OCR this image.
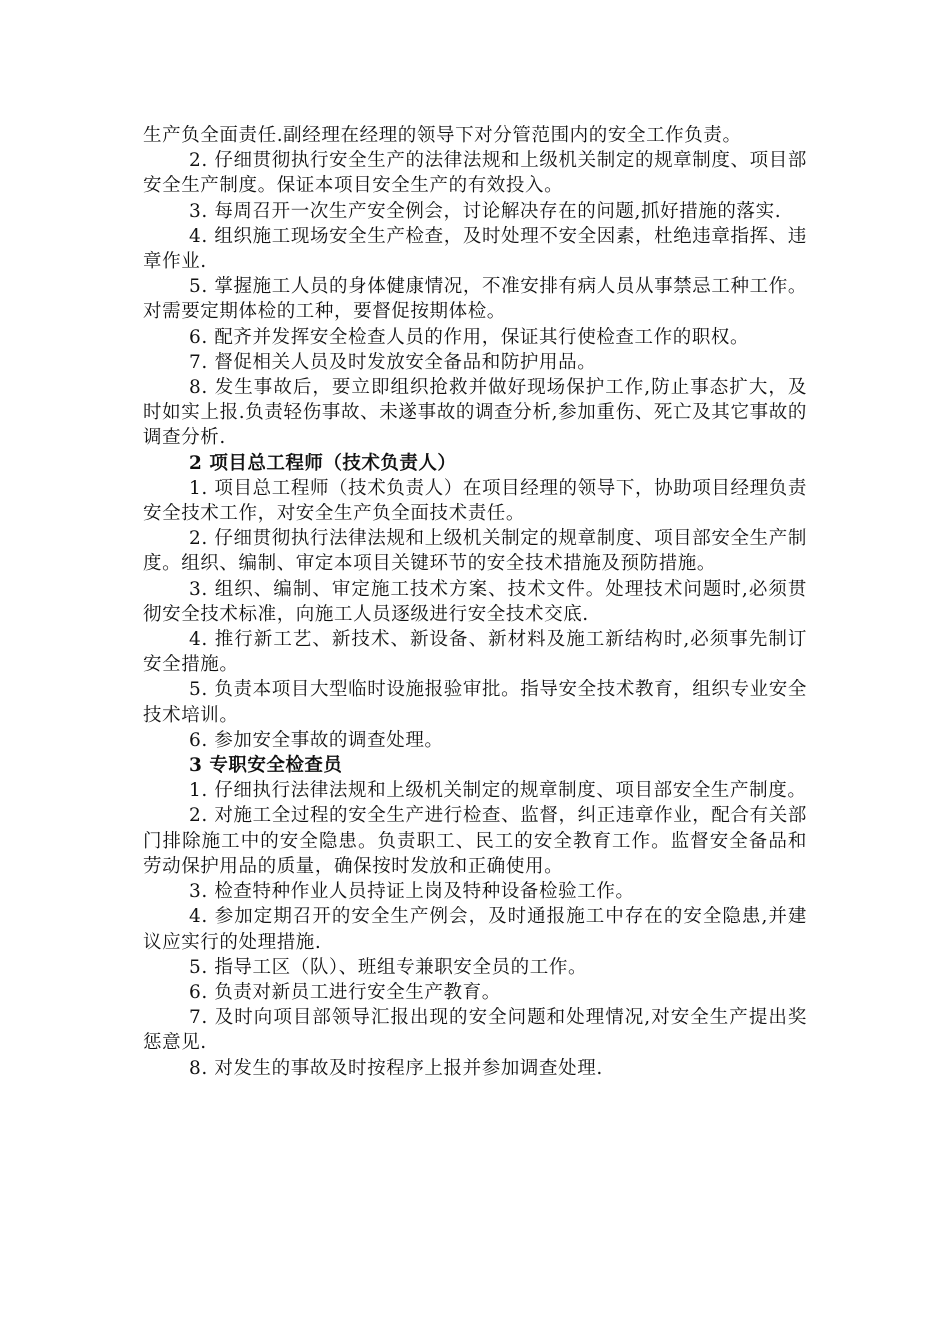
生产负全面责任.副经理在经理的领导下对分管范围内的安全工作负责。

2. 仔细贯彻执行安全生产的法律法规和上级机关制定的规章制度、项目部安全生产制度。保证本项目安全生产的有效投入。

3. 每周召开一次生产安全例会，讨论解决存在的问题,抓好措施的落实.

4. 组织施工现场安全生产检查，及时处理不安全因素，杜绝违章指挥、违章作业.

5. 掌握施工人员的身体健康情况，不准安排有病人员从事禁忌工种工作。对需要定期体检的工种，要督促按期体检。

6. 配齐并发挥安全检查人员的作用，保证其行使检查工作的职权。

7. 督促相关人员及时发放安全备品和防护用品。

8. 发生事故后，要立即组织抢救并做好现场保护工作,防止事态扩大，及时如实上报.负责轻伤事故、未遂事故的调查分析,参加重伤、死亡及其它事故的调查分析.

2 项目总工程师（技术负责人）

1. 项目总工程师（技术负责人）在项目经理的领导下，协助项目经理负责安全技术工作，对安全生产负全面技术责任。

2. 仔细贯彻执行法律法规和上级机关制定的规章制度、项目部安全生产制度。组织、编制、审定本项目关键环节的安全技术措施及预防措施。

3. 组织、编制、审定施工技术方案、技术文件。处理技术问题时,必须贯彻安全技术标准，向施工人员逐级进行安全技术交底.

4. 推行新工艺、新技术、新设备、新材料及施工新结构时,必须事先制订安全措施。

5. 负责本项目大型临时设施报验审批。指导安全技术教育，组织专业安全技术培训。

6. 参加安全事故的调查处理。

3 专职安全检查员

1. 仔细执行法律法规和上级机关制定的规章制度、项目部安全生产制度。

2. 对施工全过程的安全生产进行检查、监督，纠正违章作业，配合有关部门排除施工中的安全隐患。负责职工、民工的安全教育工作。监督安全备品和劳动保护用品的质量，确保按时发放和正确使用。

3. 检查特种作业人员持证上岗及特种设备检验工作。

4. 参加定期召开的安全生产例会，及时通报施工中存在的安全隐患,并建议应实行的处理措施.

5. 指导工区（队）、班组专兼职安全员的工作。

6. 负责对新员工进行安全生产教育。

7. 及时向项目部领导汇报出现的安全问题和处理情况,对安全生产提出奖惩意见.

8. 对发生的事故及时按程序上报并参加调查处理.
